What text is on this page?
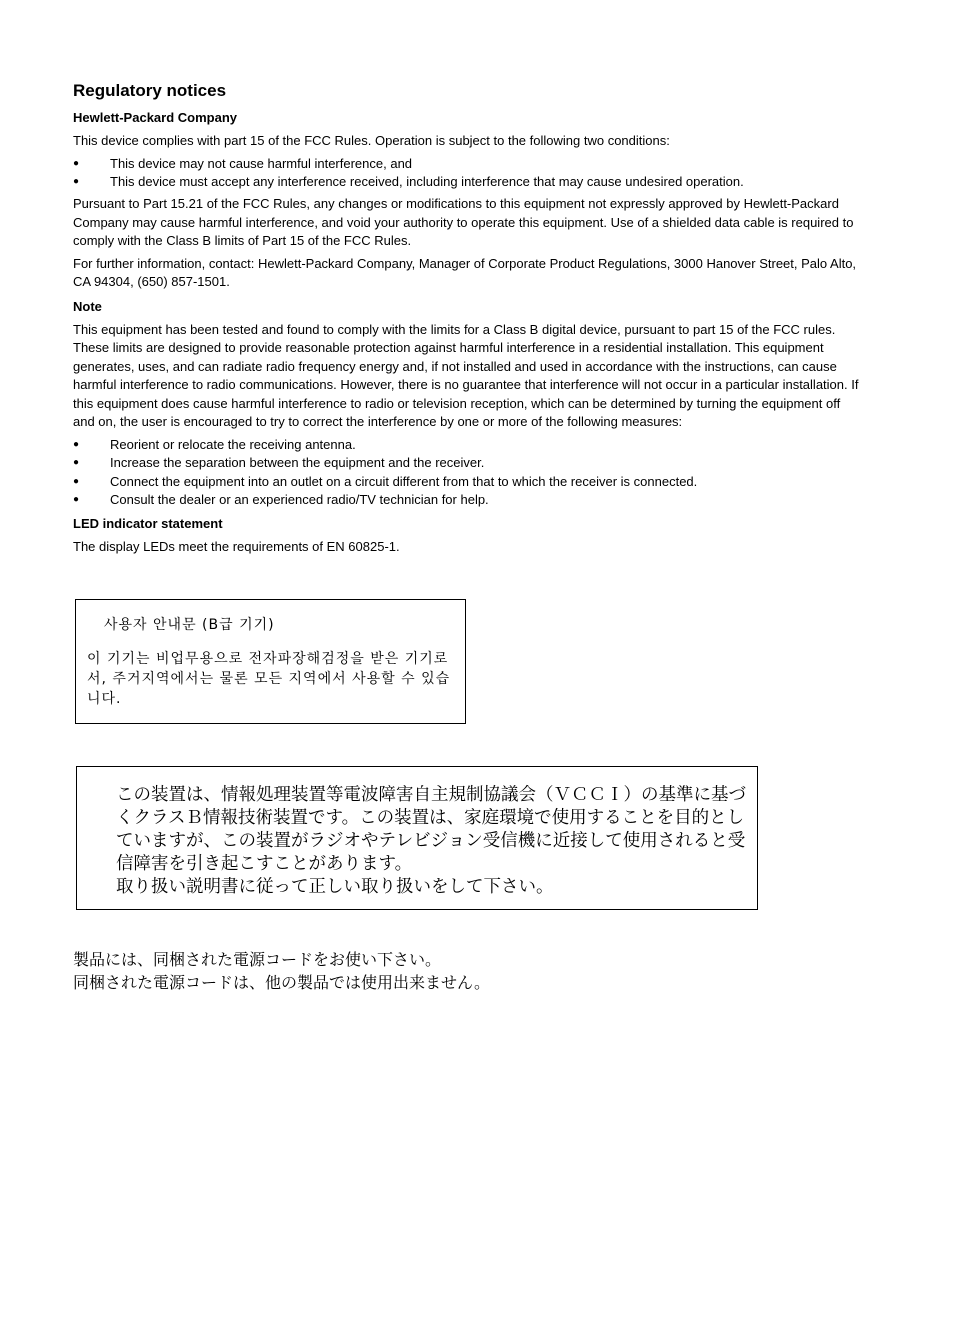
Regulatory notices
Hewlett-Packard Company

This device complies with part 15 of the FCC Rules. Operation is subject to the following two conditions:

● This device may not cause harmful interference, and
● This device must accept any interference received, including interference that may cause undesired operation.

Pursuant to Part 15.21 of the FCC Rules, any changes or modifications to this equipment not expressly approved by Hewlett-Packard Company may cause harmful interference, and void your authority to operate this equipment. Use of a shielded data cable is required to comply with the Class B limits of Part 15 of the FCC Rules.

For further information, contact: Hewlett-Packard Company, Manager of Corporate Product Regulations, 3000 Hanover Street, Palo Alto, CA 94304, (650) 857-1501.

Note

This equipment has been tested and found to comply with the limits for a Class B digital device, pursuant to part 15 of the FCC rules. These limits are designed to provide reasonable protection against harmful interference in a residential installation. This equipment generates, uses, and can radiate radio frequency energy and, if not installed and used in accordance with the instructions, can cause harmful interference to radio communications. However, there is no guarantee that interference will not occur in a particular installation. If this equipment does cause harmful interference to radio or television reception, which can be determined by turning the equipment off and on, the user is encouraged to try to correct the interference by one or more of the following measures:

● Reorient or relocate the receiving antenna.
● Increase the separation between the equipment and the receiver.
● Connect the equipment into an outlet on a circuit different from that to which the receiver is connected.
● Consult the dealer or an experienced radio/TV technician for help.
LED indicator statement

The display LEDs meet the requirements of EN 60825-1.

사용자 안내문 (B급 기기)
이 기기는 비업무용으로 전자파장해검정을 받은 기기로서, 주거지역에서는 물론 모든 지역에서 사용할 수 있습니다.
この装置は、情報処理装置等電波障害自主規制協議会（ＶＣＣＩ）の基準に基づくクラスＢ情報技術装置です。この装置は、家庭環境で使用することを目的としていますが、この装置がラジオやテレビジョン受信機に近接して使用されると受信障害を引き起こすことがあります。
取り扱い説明書に従って正しい取り扱いをして下さい。
製品には、同梱された電源コードをお使い下さい。
同梱された電源コードは、他の製品では使用出来ません。
